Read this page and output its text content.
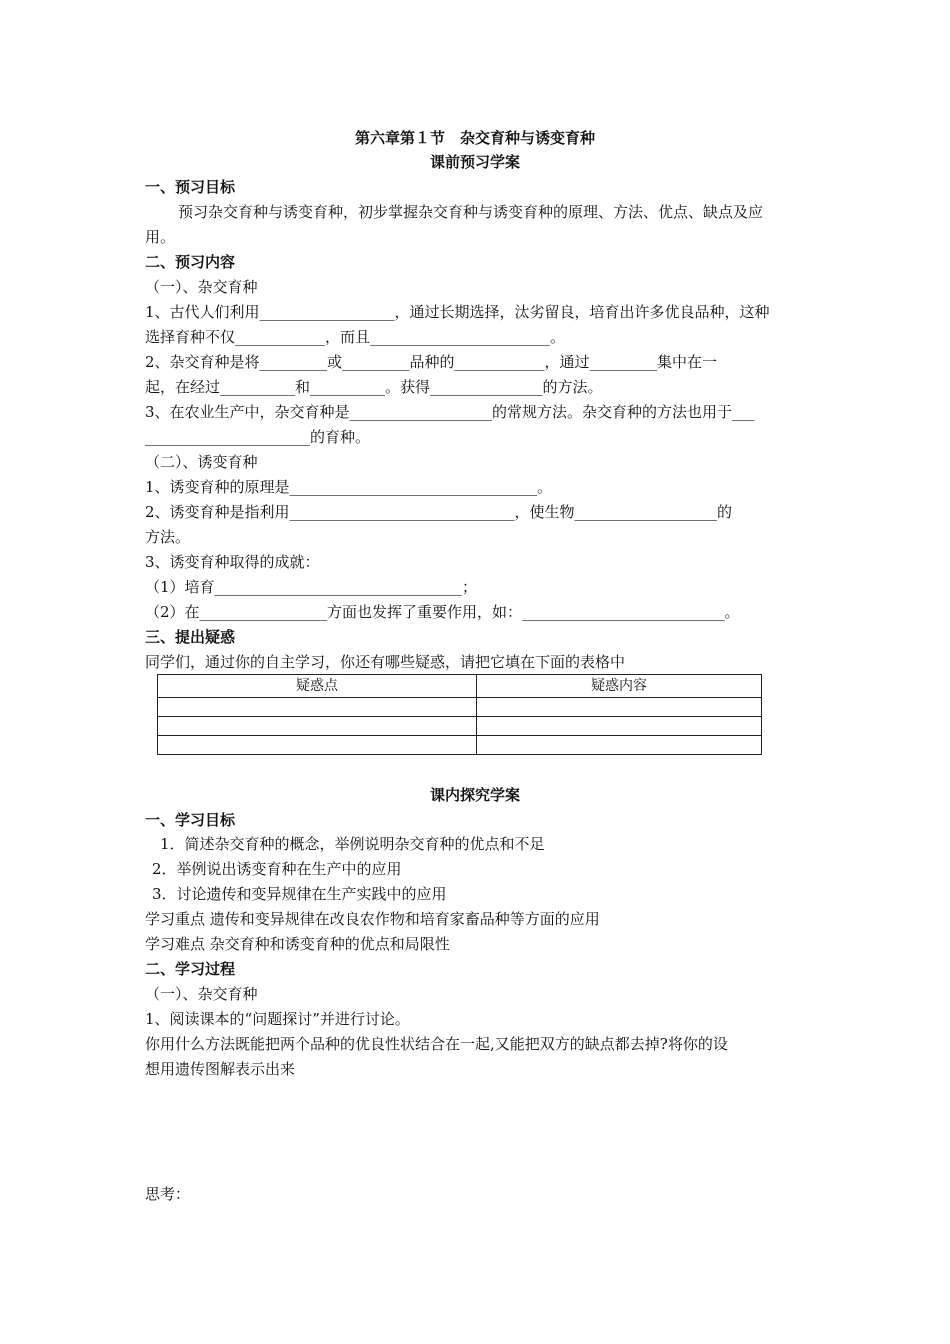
第六章第１节　杂交育种与诱变育种
课前预习学案
一、预习目标
预习杂交育种与诱变育种，初步掌握杂交育种与诱变育种的原理、方法、优点、缺点及应
用。
二、预习内容
（一）、杂交育种
1、古代人们利用__________________，通过长期选择，汰劣留良，培育出许多优良品种，这种
选择育种不仅____________，而且________________________。
2、杂交育种是将_________或_________品种的____________，通过_________集中在一
起，在经过__________和__________。获得_______________的方法。
3、在农业生产中，杂交育种是___________________的常规方法。杂交育种的方法也用于___
______________________的育种。
（二）、诱变育种
1、诱变育种的原理是_________________________________。
2、诱变育种是指利用______________________________，使生物___________________的
方法。
3、诱变育种取得的成就：
（1）培育_________________________________；
（2）在_________________方面也发挥了重要作用，如：___________________________。
三、提出疑惑
同学们，通过你的自主学习，你还有哪些疑惑，请把它填在下面的表格中
疑惑点	疑惑内容

课内探究学案
一、学习目标
1．简述杂交育种的概念，举例说明杂交育种的优点和不足
2．举例说出诱变育种在生产中的应用
3．讨论遗传和变异规律在生产实践中的应用
学习重点 遗传和变异规律在改良农作物和培育家畜品种等方面的应用
学习难点 杂交育种和诱变育种的优点和局限性
二、学习过程
（一）、杂交育种
1、阅读课本的“问题探讨”并进行讨论。
你用什么方法既能把两个品种的优良性状结合在一起,又能把双方的缺点都去掉?将你的设
想用遗传图解表示出来
思考：
